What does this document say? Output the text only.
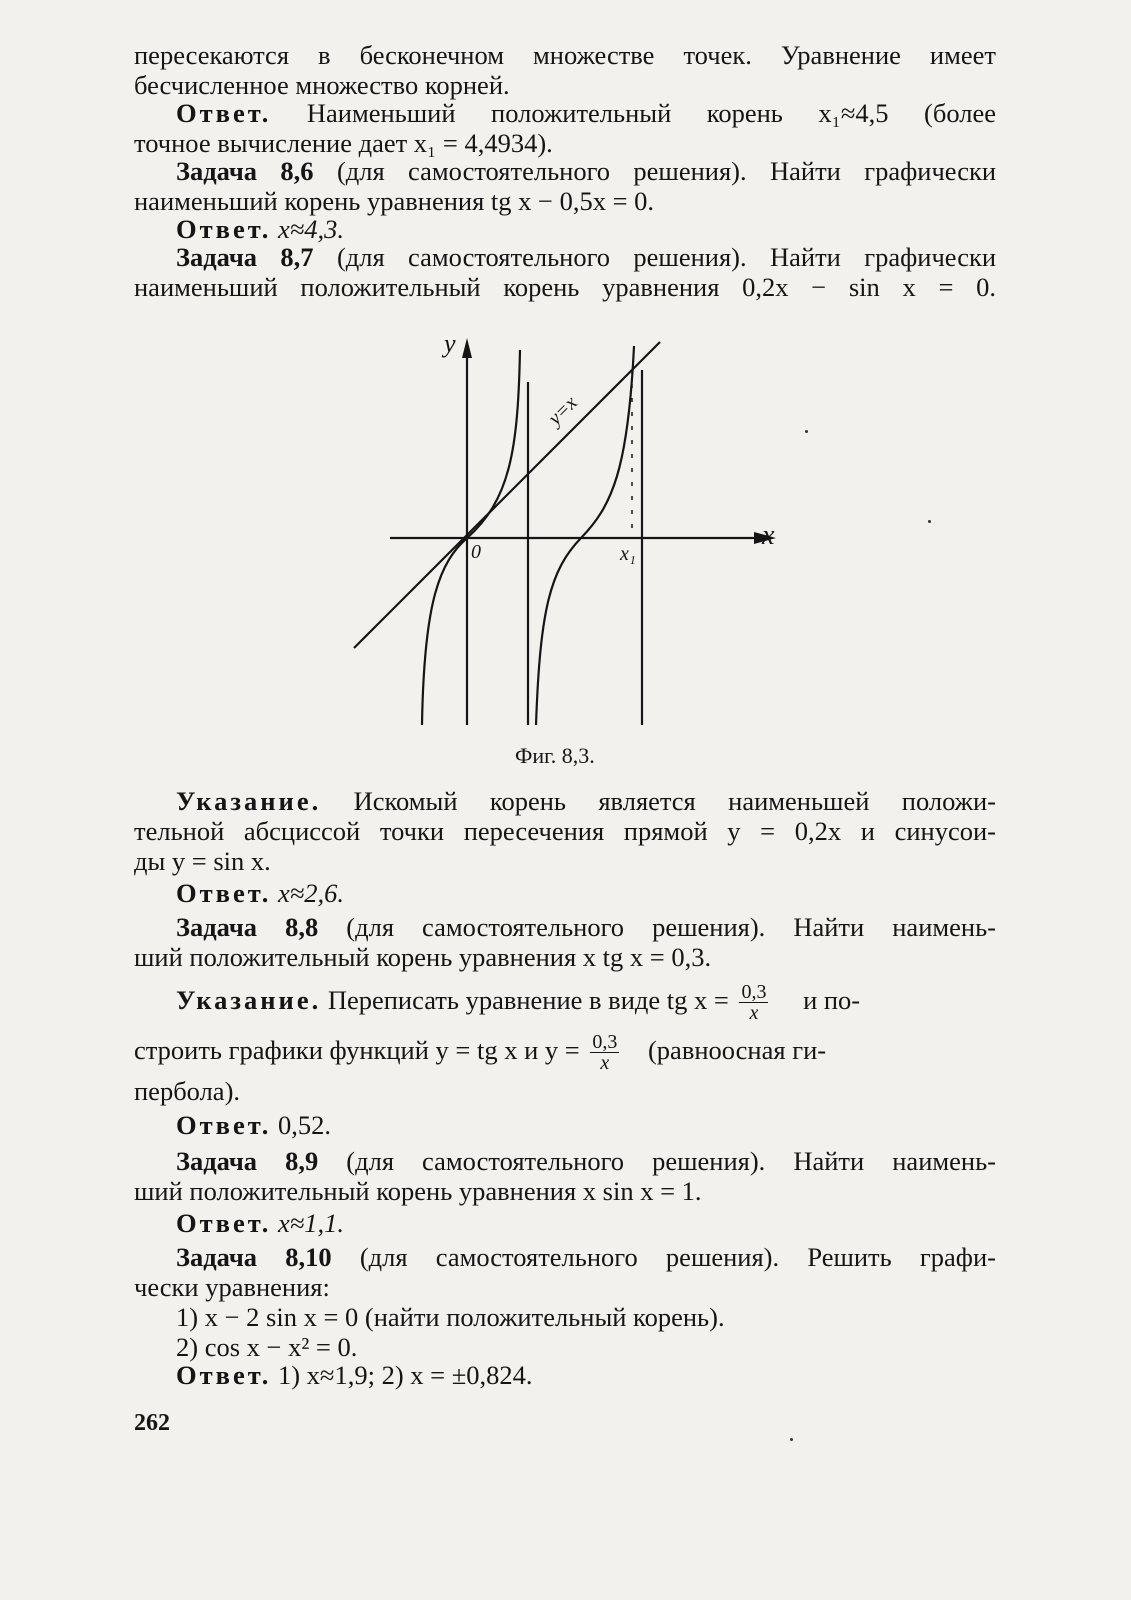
пересекаются в бесконечном множестве точек. Уравнение имеет
бесчисленное множество корней.
Ответ. Наименьший положительный корень x₁≈4,5 (более
точное вычисление дает x₁ = 4,4934).
Задача 8,6 (для самостоятельного решения). Найти графически
наименьший корень уравнения tg x − 0,5x = 0.
Ответ. x≈4,3.
Задача 8,7 (для самостоятельного решения). Найти графически
наименьший положительный корень уравнения 0,2x − sin x = 0.
y
x
0	x₁
y=x
Фиг. 8,3.
Указание. Искомый корень является наименьшей положи-
тельной абсциссой точки пересечения прямой y = 0,2x и синусои-
ды y = sin x.
Ответ. x≈2,6.
Задача 8,8 (для самостоятельного решения). Найти наимень-
ший положительный корень уравнения x tg x = 0,3.
Указание. Переписать уравнение в виде tg $x = \frac{0,3}{x}$ и по-
строить графики функций y = tg x и $y = \frac{0,3}{x}$ (равноосная ги-
пербола).
Ответ. 0,52.
Задача 8,9 (для самостоятельного решения). Найти наимень-
ший положительный корень уравнения x sin x = 1.
Ответ. x≈1,1.
Задача 8,10 (для самостоятельного решения). Решить графи-
чески уравнения:
1) x − 2 sin x = 0 (найти положительный корень).
2) cos x − x² = 0.
Ответ. 1) x≈1,9; 2) x = ±0,824.
262
